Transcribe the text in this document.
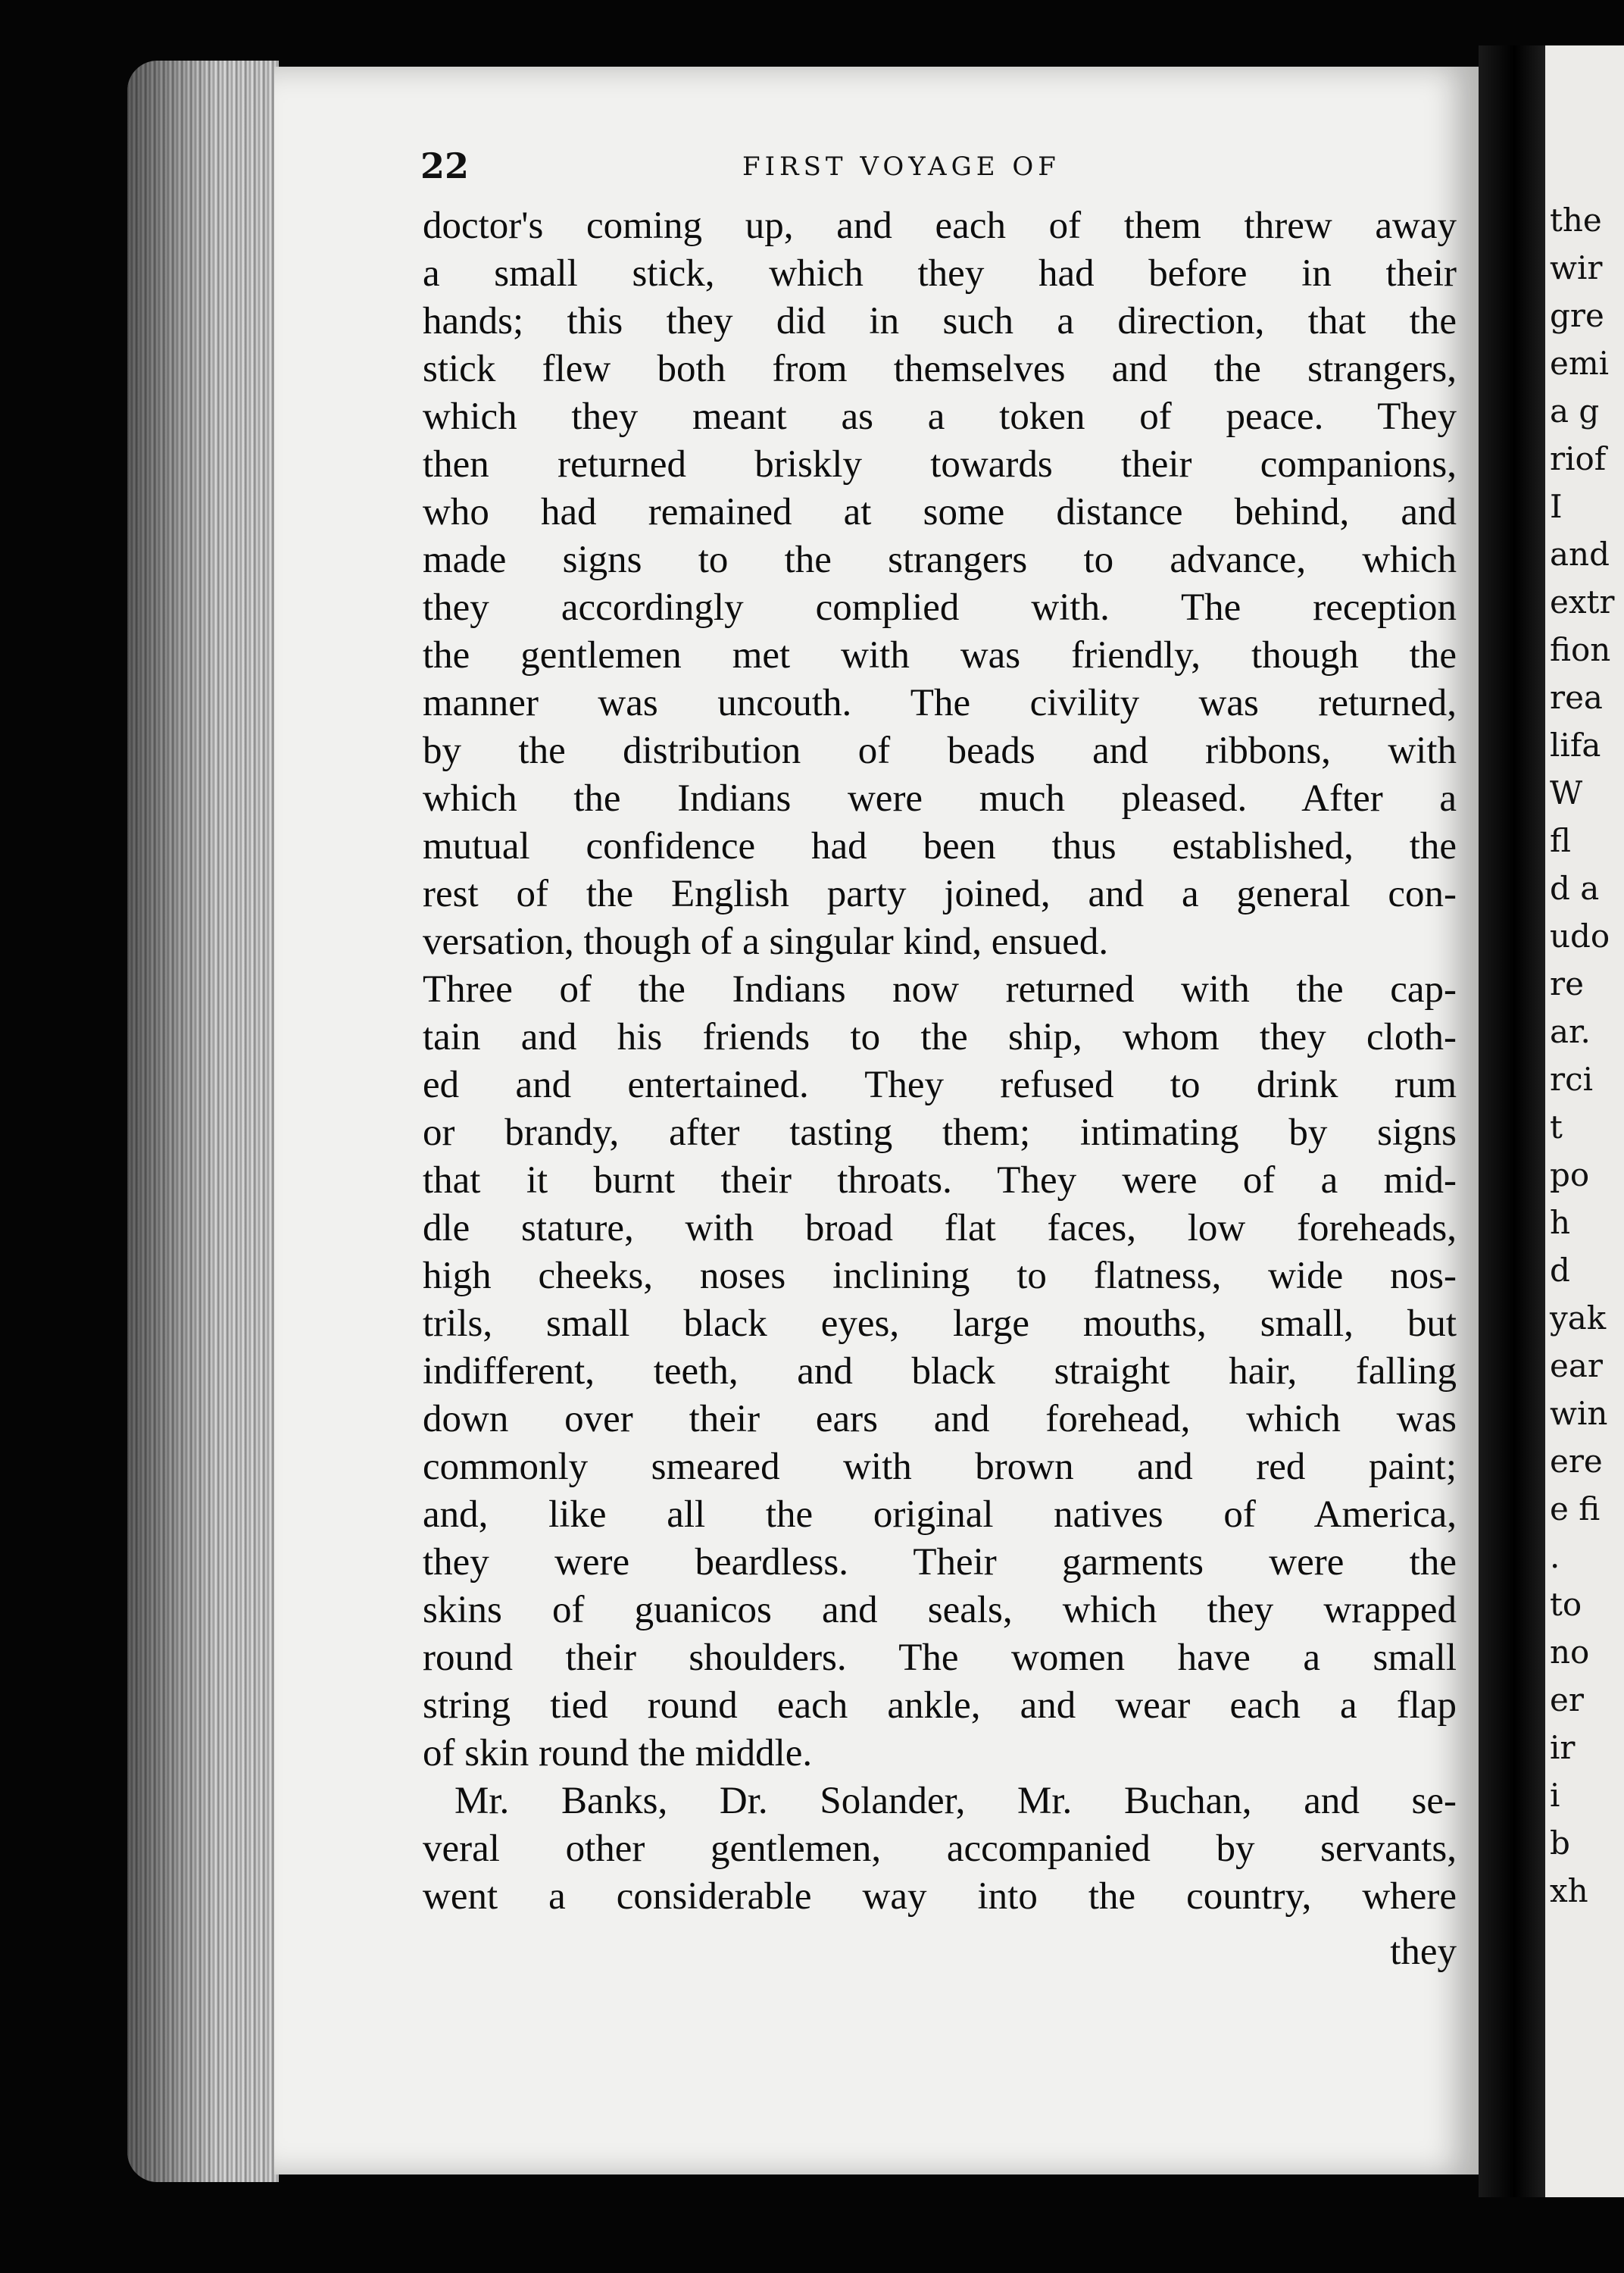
22	FIRST VOYAGE OF
doctor's coming up, and each of them threw away
a small stick, which they had before in their
hands; this they did in such a direction, that the
stick flew both from themselves and the strangers,
which they meant as a token of peace. They
then returned briskly towards their companions,
who had remained at some distance behind, and
made signs to the strangers to advance, which
they accordingly complied with. The reception
the gentlemen met with was friendly, though the
manner was uncouth. The civility was returned,
by the distribution of beads and ribbons, with
which the Indians were much pleased. After a
mutual confidence had been thus established, the
rest of the English party joined, and a general con-
versation, though of a singular kind, ensued.
Three of the Indians now returned with the cap-
tain and his friends to the ship, whom they cloth-
ed and entertained. They refused to drink rum
or brandy, after tasting them; intimating by signs
that it burnt their throats. They were of a mid-
dle stature, with broad flat faces, low foreheads,
high cheeks, noses inclining to flatness, wide nos-
trils, small black eyes, large mouths, small, but
indifferent, teeth, and black straight hair, falling
down over their ears and forehead, which was
commonly smeared with brown and red paint;
and, like all the original natives of America,
they were beardless. Their garments were the
skins of guanicos and seals, which they wrapped
round their shoulders. The women have a small
string tied round each ankle, and wear each a flap
of skin round the middle.
Mr. Banks, Dr. Solander, Mr. Buchan, and se-
veral other gentlemen, accompanied by servants,
went a considerable way into the country, where
they
the
wir
gre
emi
a g
riof
I
and
extr
fion
rea
lifa
W
fl
d a
udo
re
ar.
rci
t
po
h
d
yak
ear
win
ere
e fi
.
to
no
er
ir
i
b
xh
